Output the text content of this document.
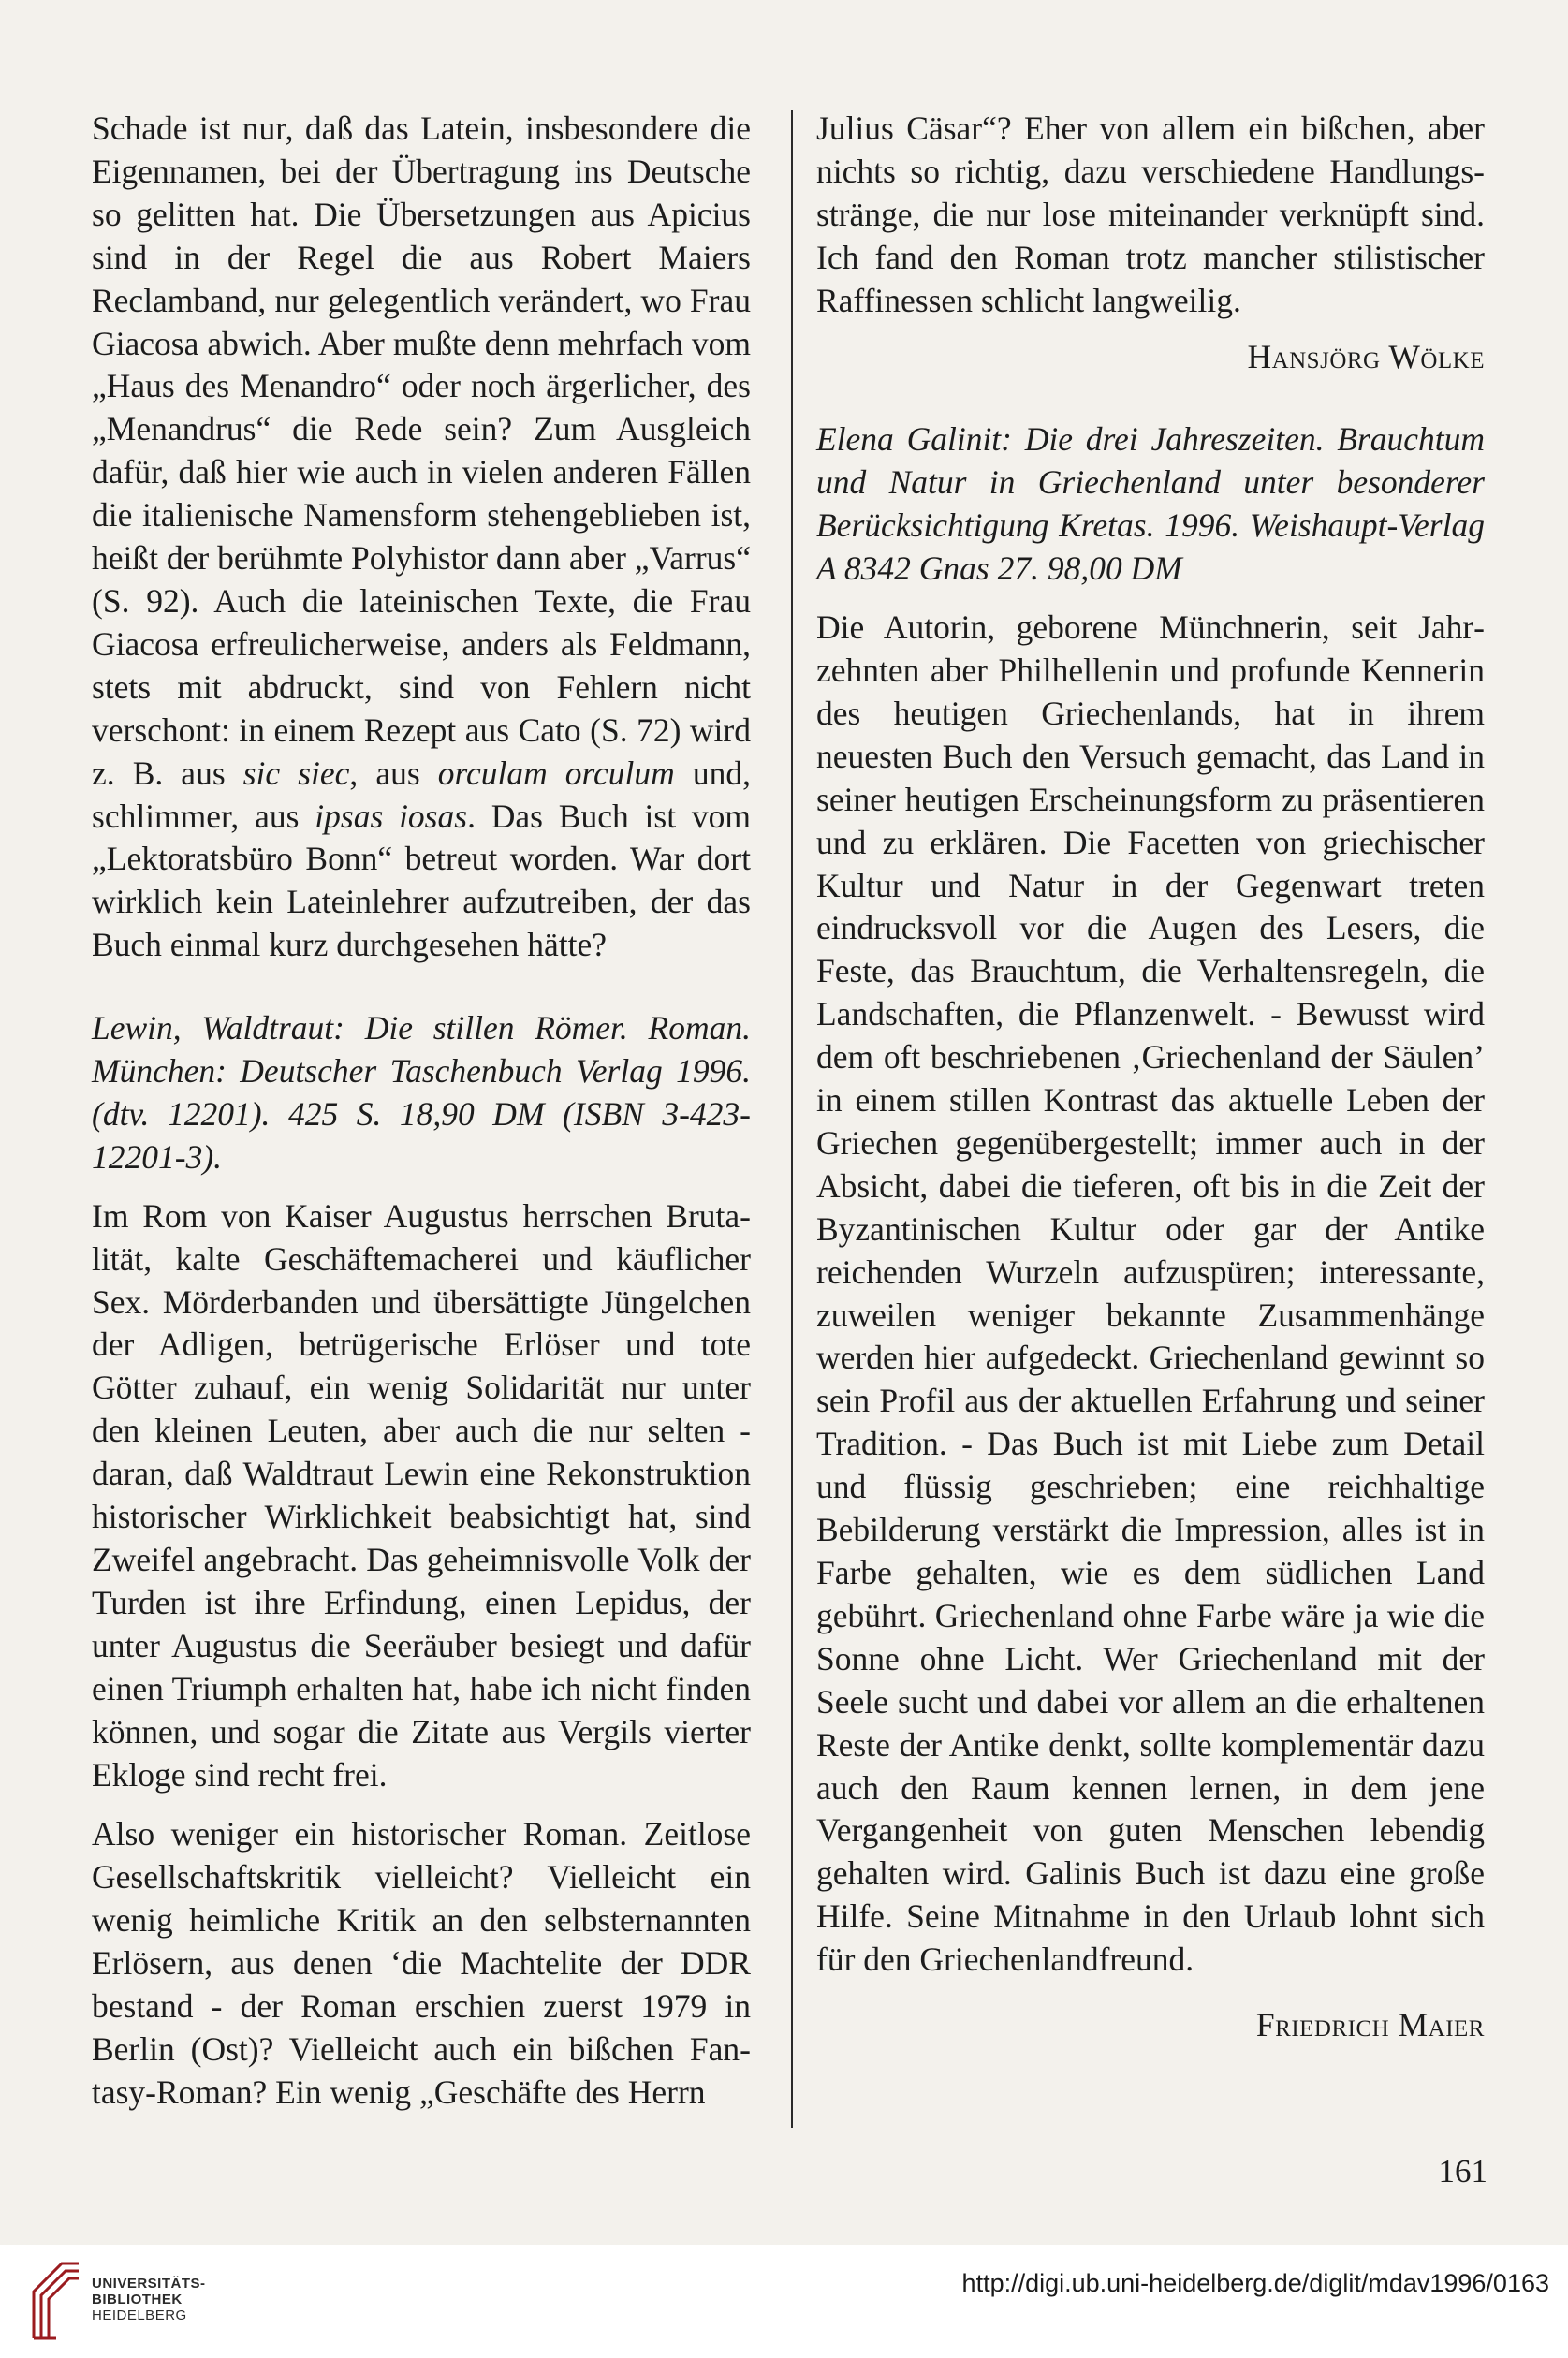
Schade ist nur, daß das Latein, insbesondere die Eigennamen, bei der Übertragung ins Deutsche so gelitten hat. Die Übersetzungen aus Apicius sind in der Regel die aus Robert Maiers Reclamband, nur gelegentlich verändert, wo Frau Giacosa abwich. Aber mußte denn mehrfach vom „Haus des Menandro“ oder noch ärgerlicher, des „Menandrus“ die Rede sein? Zum Ausgleich dafür, daß hier wie auch in vielen anderen Fällen die italienische Namensform stehengeblieben ist, heißt der berühmte Polyhistor dann aber „Varrus“ (S. 92). Auch die lateinischen Texte, die Frau Giacosa erfreulicherweise, anders als Feldmann, stets mit abdruckt, sind von Fehlern nicht verschont: in einem Rezept aus Cato (S. 72) wird z. B. aus sic siec, aus orculam orculum und, schlimmer, aus ipsas iosas. Das Buch ist vom „Lektoratsbüro Bonn“ betreut worden. War dort wirklich kein Lateinlehrer aufzutreiben, der das Buch einmal kurz durchgesehen hätte?

Lewin, Waldtraut: Die stillen Römer. Roman. München: Deutscher Taschenbuch Verlag 1996. (dtv. 12201). 425 S. 18,90 DM (ISBN 3-423-12201-3).

Im Rom von Kaiser Augustus herrschen Brutalität, kalte Geschäftemacherei und käuflicher Sex. Mörderbanden und übersättigte Jüngelchen der Adligen, betrügerische Erlöser und tote Götter zuhauf, ein wenig Solidarität nur unter den kleinen Leuten, aber auch die nur selten - daran, daß Waldtraut Lewin eine Rekonstruktion historischer Wirklichkeit beabsichtigt hat, sind Zweifel angebracht. Das geheimnisvolle Volk der Turden ist ihre Erfindung, einen Lepidus, der unter Augustus die Seeräuber besiegt und dafür einen Triumph erhalten hat, habe ich nicht finden können, und sogar die Zitate aus Vergils vierter Ekloge sind recht frei.

Also weniger ein historischer Roman. Zeitlose Gesellschaftskritik vielleicht? Vielleicht ein wenig heimliche Kritik an den selbsternannten Erlösern, aus denen ‘die Machtelite der DDR bestand - der Roman erschien zuerst 1979 in Berlin (Ost)? Vielleicht auch ein bißchen Fantasy-Roman? Ein wenig „Geschäfte des Herrn

Julius Cäsar“? Eher von allem ein bißchen, aber nichts so richtig, dazu verschiedene Handlungsstränge, die nur lose miteinander verknüpft sind. Ich fand den Roman trotz mancher stilistischer Raffinessen schlicht langweilig.

Hansjörg Wölke

Elena Galinit: Die drei Jahreszeiten. Brauchtum und Natur in Griechenland unter besonderer Berücksichtigung Kretas. 1996. Weishaupt-Verlag A 8342 Gnas 27. 98,00 DM

Die Autorin, geborene Münchnerin, seit Jahrzehnten aber Philhellenin und profunde Kennerin des heutigen Griechenlands, hat in ihrem neuesten Buch den Versuch gemacht, das Land in seiner heutigen Erscheinungsform zu präsentieren und zu erklären. Die Facetten von griechischer Kultur und Natur in der Gegenwart treten eindrucksvoll vor die Augen des Lesers, die Feste, das Brauchtum, die Verhaltensregeln, die Landschaften, die Pflanzenwelt. - Bewusst wird dem oft beschriebenen ‚Griechenland der Säulen’ in einem stillen Kontrast das aktuelle Leben der Griechen gegenübergestellt; immer auch in der Absicht, dabei die tieferen, oft bis in die Zeit der Byzantinischen Kultur oder gar der Antike reichenden Wurzeln aufzuspüren; interessante, zuweilen weniger bekannte Zusammenhänge werden hier aufgedeckt. Griechenland gewinnt so sein Profil aus der aktuellen Erfahrung und seiner Tradition. - Das Buch ist mit Liebe zum Detail und flüssig geschrieben; eine reichhaltige Bebilderung verstärkt die Impression, alles ist in Farbe gehalten, wie es dem südlichen Land gebührt. Griechenland ohne Farbe wäre ja wie die Sonne ohne Licht. Wer Griechenland mit der Seele sucht und dabei vor allem an die erhaltenen Reste der Antike denkt, sollte komplementär dazu auch den Raum kennen lernen, in dem jene Vergangenheit von guten Menschen lebendig gehalten wird. Galinis Buch ist dazu eine große Hilfe. Seine Mitnahme in den Urlaub lohnt sich für den Griechenlandfreund.

Friedrich Maier

161
UNIVERSITÄTS-
BIBLIOTHEK
HEIDELBERG
http://digi.ub.uni-heidelberg.de/diglit/mdav1996/0163
